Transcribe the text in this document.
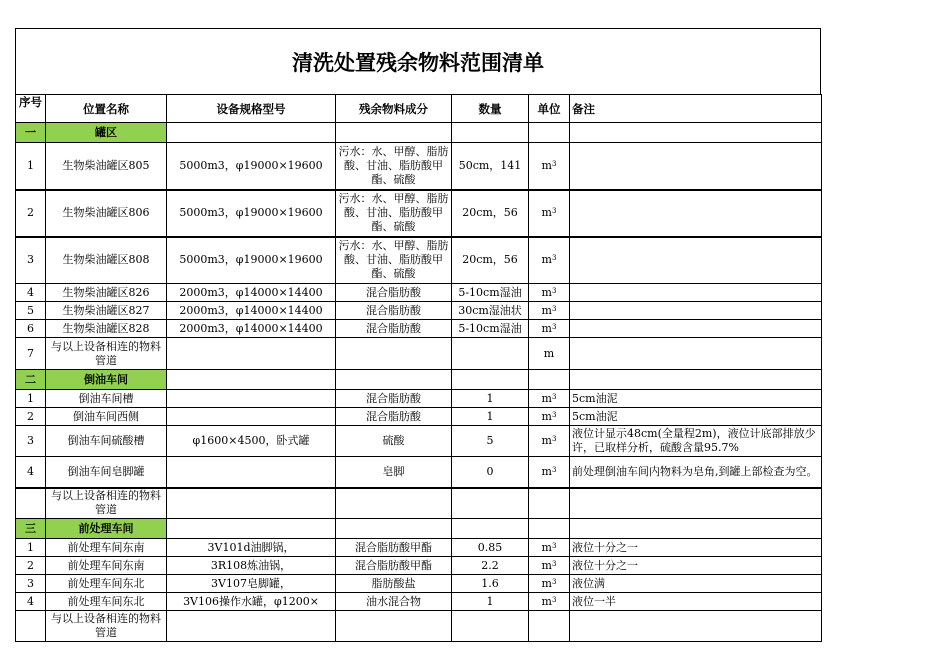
清洗处置残余物料范围清单
序号	位置名称	设备规格型号	残余物料成分	数量	单位	备注
一	罐区					
1	生物柴油罐区805	5000m3，φ19000×19600	污水：水、甲醇、脂肪酸、甘油、脂肪酸甲酯、硫酸	50cm，141	$m^3$	
2	生物柴油罐区806	5000m3，φ19000×19600	污水：水、甲醇、脂肪酸、甘油、脂肪酸甲酯、硫酸	20cm，56	$m^3$	
3	生物柴油罐区808	5000m3，φ19000×19600	污水：水、甲醇、脂肪酸、甘油、脂肪酸甲酯、硫酸	20cm，56	$m^3$	
4	生物柴油罐区826	2000m3，φ14000×14400	混合脂肪酸	5-10cm湿油	$m^3$	
5	生物柴油罐区827	2000m3，φ14000×14400	混合脂肪酸	30cm湿油状	$m^3$	
6	生物柴油罐区828	2000m3，φ14000×14400	混合脂肪酸	5-10cm湿油	$m^3$	
7	与以上设备相连的物料管道				m	
二	倒油车间					
1	倒油车间槽		混合脂肪酸	1	$m^3$	5cm油泥
2	倒油车间西侧		混合脂肪酸	1	$m^3$	5cm油泥
3	倒油车间硫酸槽	φ1600×4500，卧式罐	硫酸	5	$m^3$	液位计显示48cm(全量程2m)，液位计底部排放少许，已取样分析，硫酸含量95.7%
4	倒油车间皂脚罐		皂脚	0	$m^3$	前处理倒油车间内物料为皂角,到罐上部检查为空。
	与以上设备相连的物料管道					
三	前处理车间					
1	前处理车间东南	3V101d油脚锅，	混合脂肪酸甲酯	0.85	$m^3$	液位十分之一
2	前处理车间东南	3R108炼油锅，	混合脂肪酸甲酯	2.2	$m^3$	液位十分之一
3	前处理车间东北	3V107皂脚罐，	脂肪酸盐	1.6	$m^3$	液位满
4	前处理车间东北	3V106操作水罐，φ1200×	油水混合物	1	$m^3$	液位一半
	与以上设备相连的物料管道					
